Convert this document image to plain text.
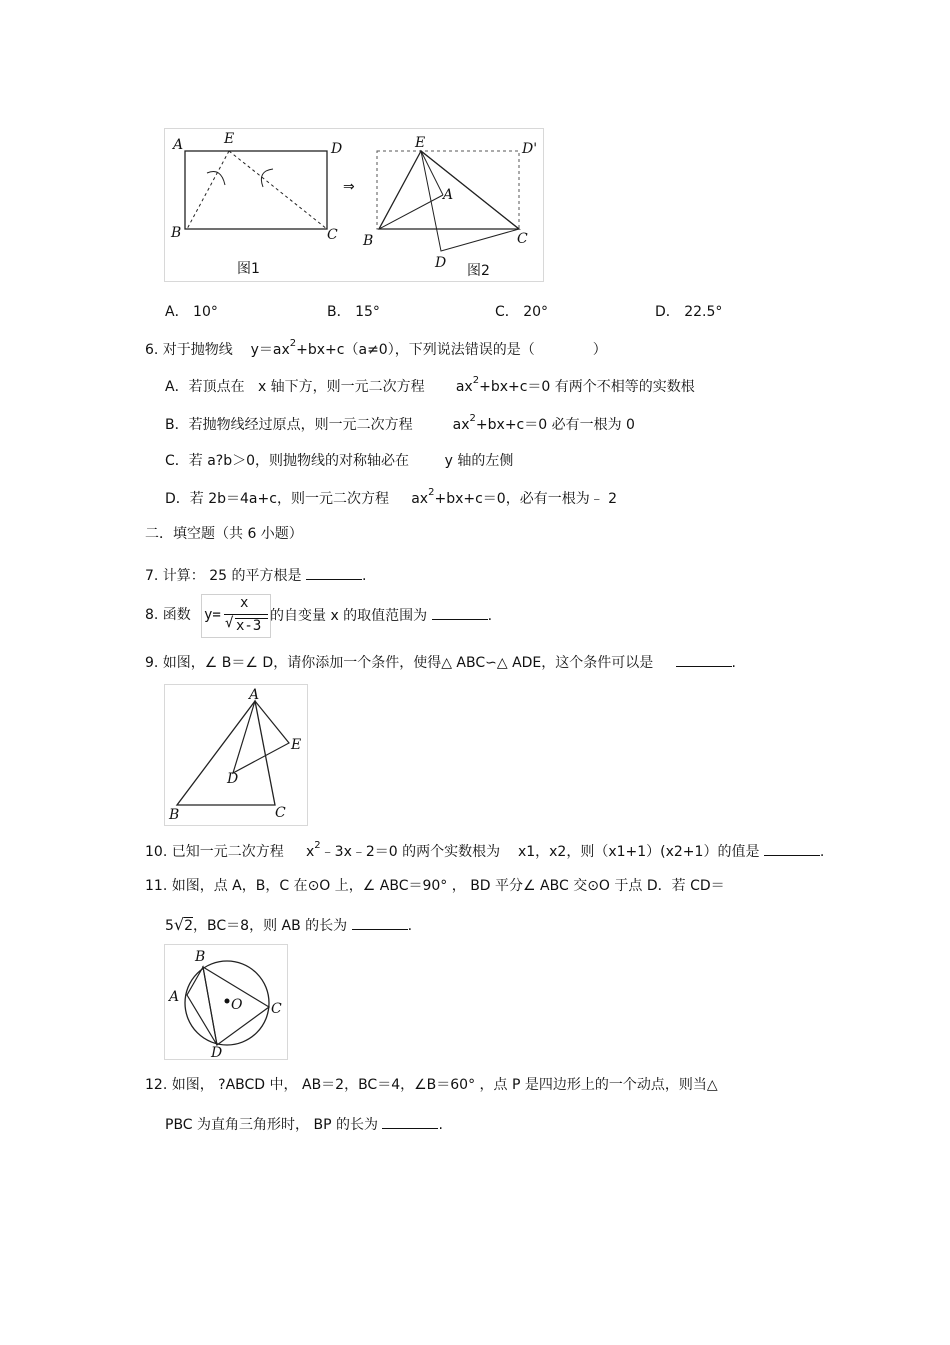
A	E
D
B	C
图1
⇒
E	D'
A
B	C
D 图2
A． 10°	B． 15°	C． 20°	D． 22.5°
6. 对于抛物线 $y=ax^2+bx+c(a\ne 0)$，下列说法错误的是（	）
A．若顶点在 x 轴下方，则一元二次方程 $ax^2+bx+c=0$ 有两个不相等的实数根
B．若抛物线经过原点，则一元二次方程	$ax^2+bx+c=0$ 必有一根为 0
C．若 a?b＞0，则抛物线的对称轴必在	y 轴的左侧
D．若 2b＝4a+c，则一元二次方程 $ax^2+bx+c=0$，必有一根为﹣ 2
二．填空题（共 6 小题）
7. 计算： 25 的平方根是	.
8. 函数 y=
x
√ x-3
的自变量 x 的取值范围为	.
9. 如图，∠ B＝∠ D，请你添加一个条件，使得△ ABC∽△ ADE，这个条件可以是	.
A
E
D
B	C
10. 已知一元二次方程 $x^2﹣3x﹣2=0$ 的两个实数根为 x1，x2，则（x1+1）(x2+1）的值是	.
11. 如图，点 A，B，C 在⊙O 上，∠ ABC＝90° ， BD 平分∠ ABC 交⊙O 于点 D．若 CD＝
5√2，BC＝8，则 AB 的长为	.
B
A	O C
D
12. 如图， ?ABCD 中， AB＝2，BC＝4，∠B＝60° ，点 P 是四边形上的一个动点，则当△
PBC 为直角三角形时， BP 的长为	.
